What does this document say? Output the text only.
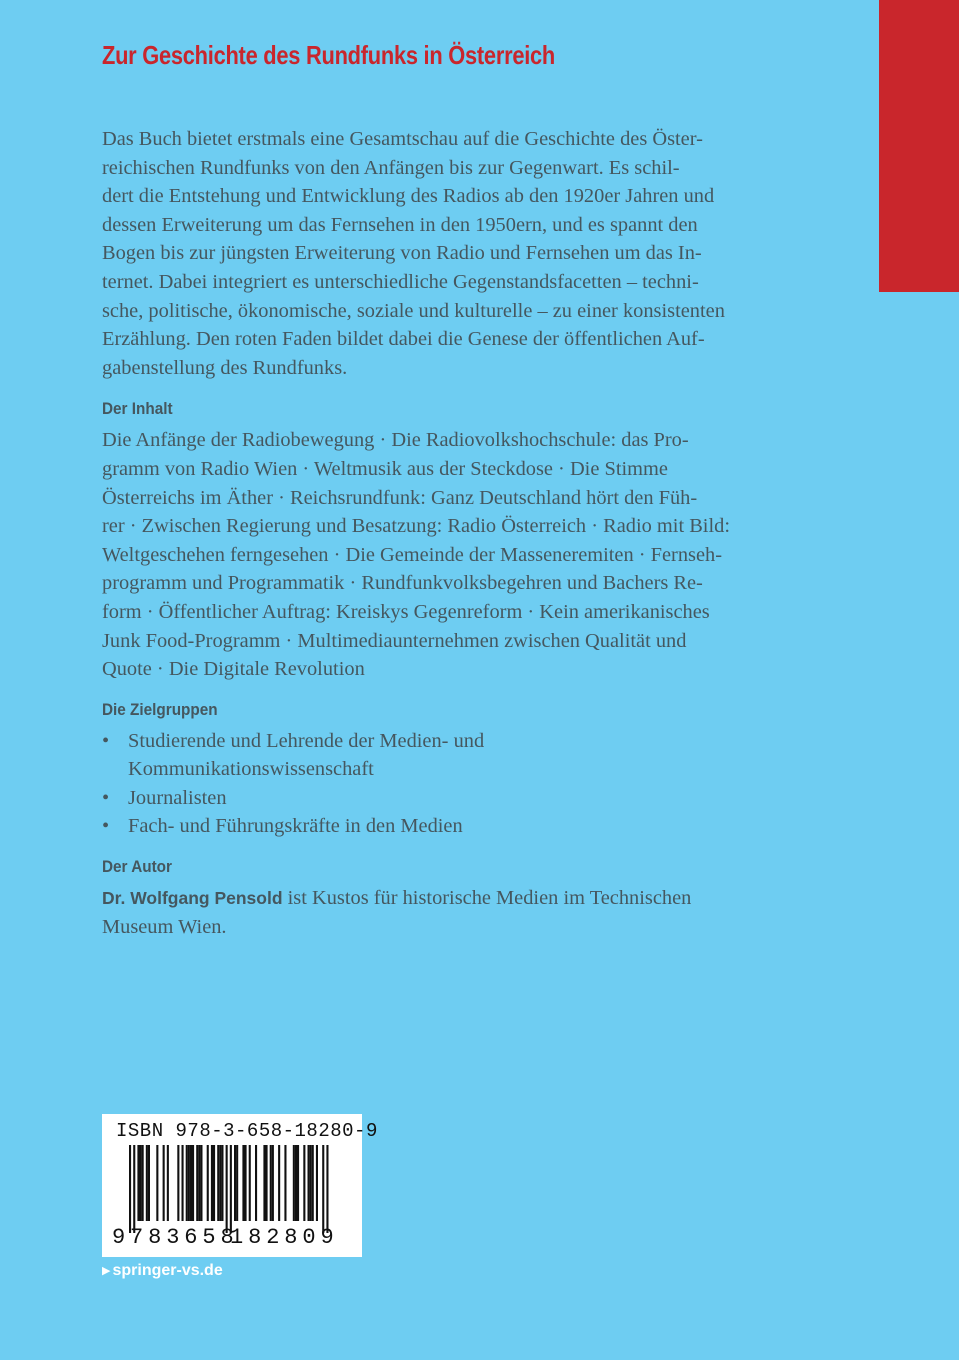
Zur Geschichte des Rundfunks in Österreich
Das Buch bietet erstmals eine Gesamtschau auf die Geschichte des Öster-
reichischen Rundfunks von den Anfängen bis zur Gegenwart. Es schil-
dert die Entstehung und Entwicklung des Radios ab den 1920er Jahren und
dessen Erweiterung um das Fernsehen in den 1950ern, und es spannt den
Bogen bis zur jüngsten Erweiterung von Radio und Fernsehen um das In-
ternet. Dabei integriert es unterschiedliche Gegenstandsfacetten – techni-
sche, politische, ökonomische, soziale und kulturelle – zu einer konsistenten
Erzählung. Den roten Faden bildet dabei die Genese der öffentlichen Auf-
gabenstellung des Rundfunks.
Der Inhalt
Die Anfänge der Radiobewegung · Die Radiovolkshochschule: das Pro-
gramm von Radio Wien · Weltmusik aus der Steckdose · Die Stimme
Österreichs im Äther · Reichsrundfunk: Ganz Deutschland hört den Füh-
rer · Zwischen Regierung und Besatzung: Radio Österreich · Radio mit Bild:
Weltgeschehen ferngesehen · Die Gemeinde der Masseneremiten · Fernseh-
programm und Programmatik · Rundfunkvolksbegehren und Bachers Re-
form · Öffentlicher Auftrag: Kreiskys Gegenreform · Kein amerikanisches
Junk Food-Programm · Multimediaunternehmen zwischen Qualität und
Quote · Die Digitale Revolution
Die Zielgruppen
• Studierende und Lehrende der Medien- und
Kommunikationswissenschaft
• Journalisten
• Fach- und Führungskräfte in den Medien
Der Autor
Dr. Wolfgang Pensold ist Kustos für historische Medien im Technischen
Museum Wien.
ISBN 978-3-658-18280-9
9 783658
182809
▶ springer-vs.de
